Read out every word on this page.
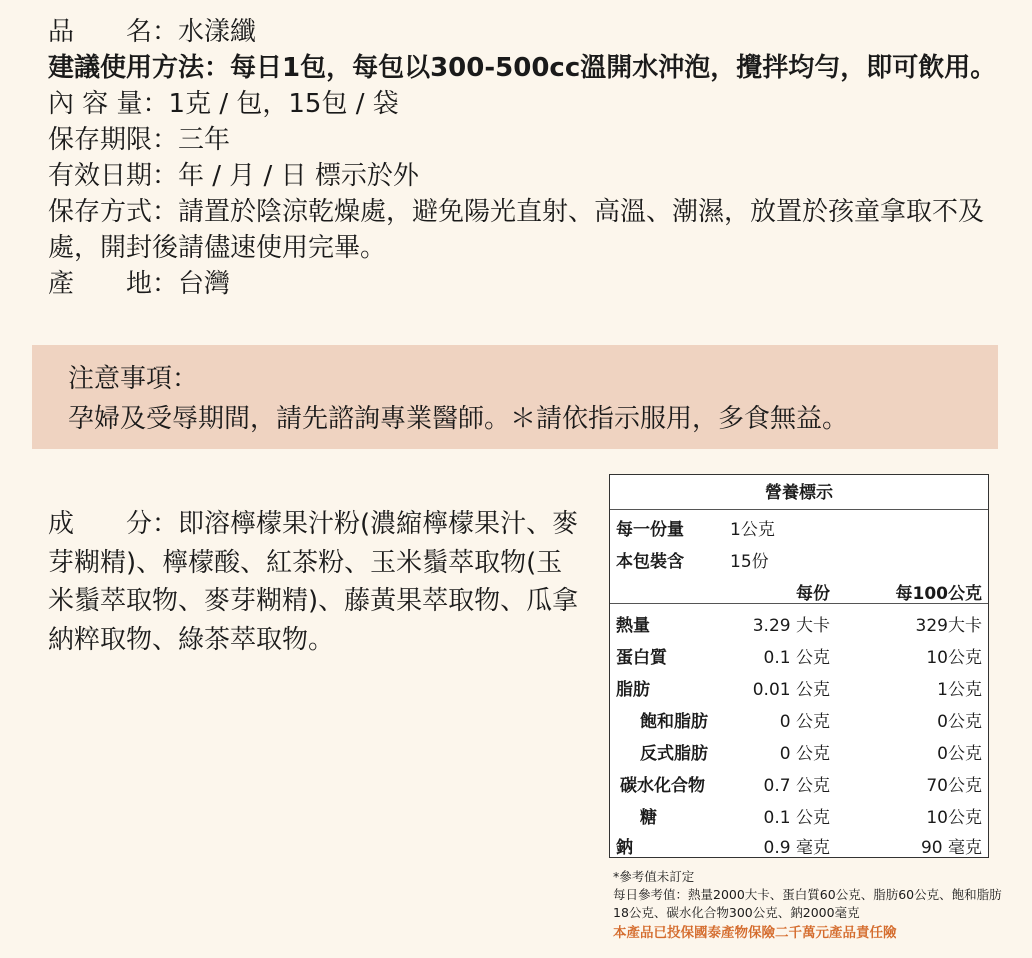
品　　名：水漾纖

建議使用方法：每日1包，每包以300-500cc溫開水沖泡，攪拌均勻，即可飲用。

內 容 量：1克 / 包，15包 / 袋

保存期限：三年

有效日期：年 / 月 / 日 標示於外

保存方式：請置於陰涼乾燥處，避免陽光直射、高溫、潮濕，放置於孩童拿取不及處，開封後請儘速使用完畢。

產　　地：台灣

注意事項：
孕婦及受辱期間，請先諮詢專業醫師。＊請依指示服用，多食無益。
成　　分：即溶檸檬果汁粉(濃縮檸檬果汁、麥芽糊精)、檸檬酸、紅茶粉、玉米鬚萃取物(玉米鬚萃取物、麥芽糊精)、藤黃果萃取物、瓜拿納粹取物、綠茶萃取物。
營養標示
每一份量	1公克
本包裝含	15份
每份	每100公克
熱量	3.29 大卡	329大卡
蛋白質	0.1 公克	10公克
脂肪	0.01 公克	1公克
飽和脂肪	0 公克	0公克
反式脂肪	0 公克	0公克
碳水化合物	0.7 公克	70公克
糖	0.1 公克	10公克
鈉	0.9 毫克	90 毫克
*參考值未訂定
每日參考值：熱量2000大卡、蛋白質60公克、脂肪60公克、飽和脂肪18公克、碳水化合物300公克、鈉2000毫克
本產品已投保國泰產物保險二千萬元產品責任險
